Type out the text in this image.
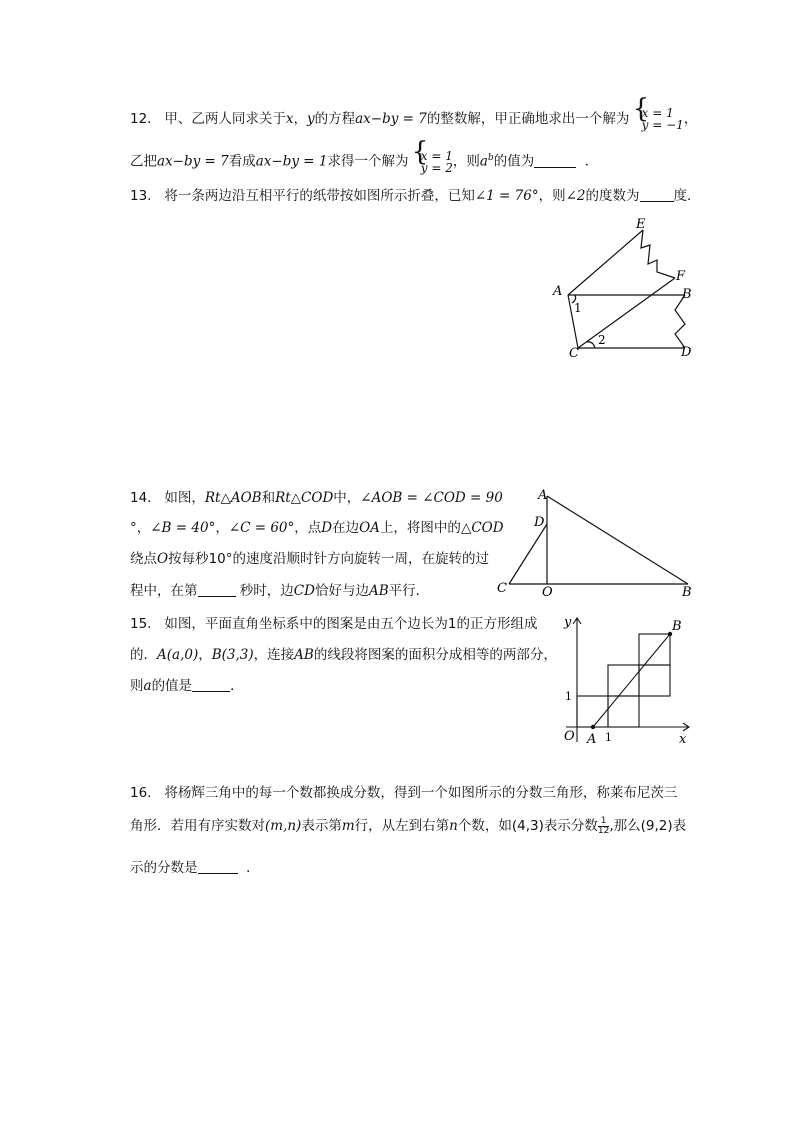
12. 甲、乙两人同求关于x，y的方程ax−by = 7的整数解，甲正确地求出一个解为 {
x = 1
y = −1 ，
乙把ax−by = 7看成ax−by = 1求得一个解为 {
x = 1
y = 2 ，则$a^b$的值为	．
13. 将一条两边沿互相平行的纸带按如图所示折叠，已知∠1 = 76°，则∠2的度数为	度．
E
F
A	B
C	D
1
2
14. 如图，Rt△AOB和Rt△COD中，∠AOB = ∠COD = 90
°，∠B = 40°，∠C = 60°，点D在边OA上，将图中的△COD
绕点O按每秒10°的速度沿顺时针方向旋转一周，在旋转的过
程中，在第	秒时，边CD恰好与边AB平行．
A
D
C	O	B
15. 如图，平面直角坐标系中的图案是由五个边长为1的正方形组成
的．A(a,0)，B(3,3)，连接AB的线段将图案的面积分成相等的两部分，
则a的值是	．
y	B
1
O A 1	x
16. 将杨辉三角中的每一个数都换成分数，得到一个如图所示的分数三角形，称莱布尼茨三
角形．若用有序实数对(m,n)表示第m行，从左到右第n个数，如(4,3)表示分数 $\frac{1}{12}$,那么(9,2)表
示的分数是	．
